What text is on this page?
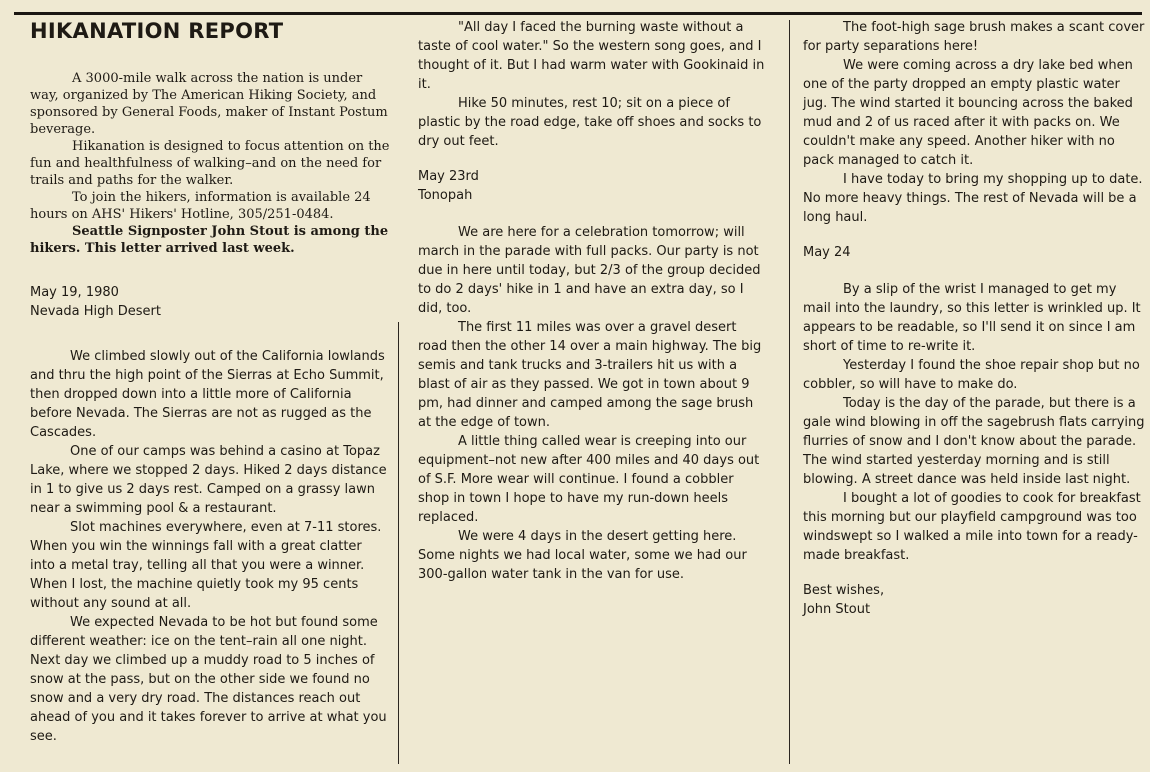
HIKANATION REPORT

A 3000-mile walk across the nation is under way, organized by The American Hiking Society, and sponsored by General Foods, maker of Instant Postum beverage.

Hikanation is designed to focus attention on the fun and healthfulness of walking–and on the need for trails and paths for the walker.

To join the hikers, information is available 24 hours on AHS' Hikers' Hotline, 305/251-0484.

Seattle Signposter John Stout is among the hikers. This letter arrived last week.

May 19, 1980

Nevada High Desert

We climbed slowly out of the California lowlands and thru the high point of the Sierras at Echo Summit, then dropped down into a little more of California before Nevada. The Sierras are not as rugged as the Cascades.

One of our camps was behind a casino at Topaz Lake, where we stopped 2 days. Hiked 2 days distance in 1 to give us 2 days rest. Camped on a grassy lawn near a swimming pool & a restaurant.

Slot machines everywhere, even at 7-11 stores. When you win the winnings fall with a great clatter into a metal tray, telling all that you were a winner. When I lost, the machine quietly took my 95 cents without any sound at all.

We expected Nevada to be hot but found some different weather: ice on the tent–rain all one night. Next day we climbed up a muddy road to 5 inches of snow at the pass, but on the other side we found no snow and a very dry road. The distances reach out ahead of you and it takes forever to arrive at what you see.

"All day I faced the burning waste without a taste of cool water." So the western song goes, and I thought of it. But I had warm water with Gookinaid in it.

Hike 50 minutes, rest 10; sit on a piece of plastic by the road edge, take off shoes and socks to dry out feet.

May 23rd

Tonopah

We are here for a celebration tomorrow; will march in the parade with full packs. Our party is not due in here until today, but 2/3 of the group decided to do 2 days' hike in 1 and have an extra day, so I did, too.

The first 11 miles was over a gravel desert road then the other 14 over a main highway. The big semis and tank trucks and 3-trailers hit us with a blast of air as they passed. We got in town about 9 pm, had dinner and camped among the sage brush at the edge of town.

A little thing called wear is creeping into our equipment–not new after 400 miles and 40 days out of S.F. More wear will continue. I found a cobbler shop in town I hope to have my run-down heels replaced.

We were 4 days in the desert getting here. Some nights we had local water, some we had our 300-gallon water tank in the van for use.

The foot-high sage brush makes a scant cover for party separations here!

We were coming across a dry lake bed when one of the party dropped an empty plastic water jug. The wind started it bouncing across the baked mud and 2 of us raced after it with packs on. We couldn't make any speed. Another hiker with no pack managed to catch it.

I have today to bring my shopping up to date. No more heavy things. The rest of Nevada will be a long haul.

May 24

By a slip of the wrist I managed to get my mail into the laundry, so this letter is wrinkled up. It appears to be readable, so I'll send it on since I am short of time to re-write it.

Yesterday I found the shoe repair shop but no cobbler, so will have to make do.

Today is the day of the parade, but there is a gale wind blowing in off the sagebrush flats carrying flurries of snow and I don't know about the parade. The wind started yesterday morning and is still blowing. A street dance was held inside last night.

I bought a lot of goodies to cook for breakfast this morning but our playfield campground was too windswept so I walked a mile into town for a ready-made breakfast.

Best wishes,

John Stout
